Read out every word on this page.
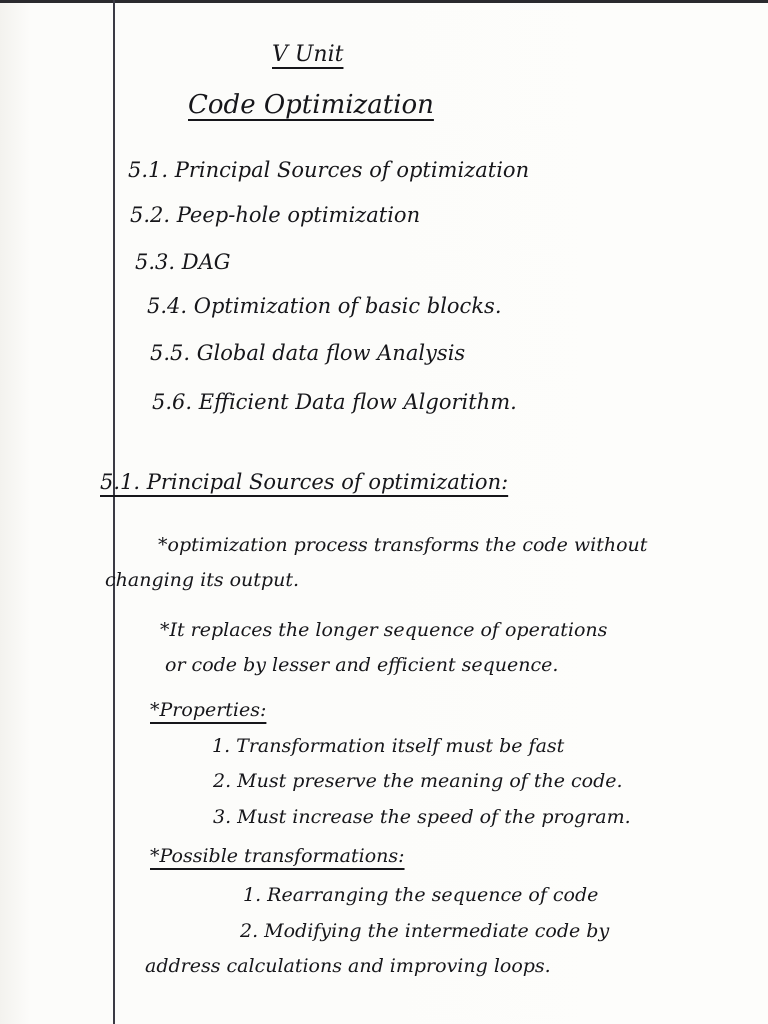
V Unit
Code Optimization
5.1. Principal Sources of optimization
5.2. Peep-hole optimization
5.3. DAG
5.4. Optimization of basic blocks.
5.5. Global data flow Analysis
5.6. Efficient Data flow Algorithm.
5.1. Principal Sources of optimization:
*optimization process transforms the code without
changing its output.
*It replaces the longer sequence of operations
or code by lesser and efficient sequence.
*Properties:
1. Transformation itself must be fast
2. Must preserve the meaning of the code.
3. Must increase the speed of the program.
*Possible transformations:
1. Rearranging the sequence of code
2. Modifying the intermediate code by
address calculations and improving loops.
